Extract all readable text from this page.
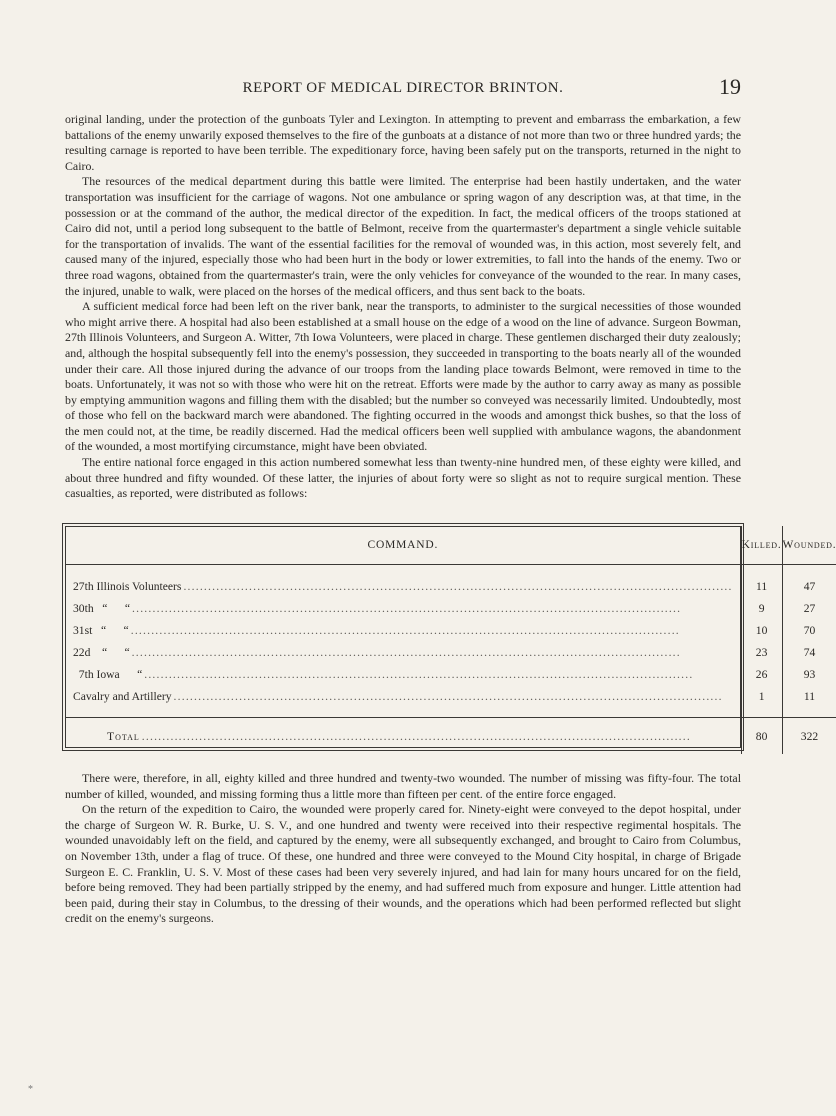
REPORT OF MEDICAL DIRECTOR BRINTON.	19

original landing, under the protection of the gunboats Tyler and Lexington. In attempting to prevent and embarrass the embarkation, a few battalions of the enemy unwarily exposed themselves to the fire of the gunboats at a distance of not more than two or three hundred yards; the resulting carnage is reported to have been terrible. The expeditionary force, having been safely put on the transports, returned in the night to Cairo.

The resources of the medical department during this battle were limited. The enterprise had been hastily undertaken, and the water transportation was insufficient for the carriage of wagons. Not one ambulance or spring wagon of any description was, at that time, in the possession or at the command of the author, the medical director of the expedition. In fact, the medical officers of the troops stationed at Cairo did not, until a period long subsequent to the battle of Belmont, receive from the quartermaster's department a single vehicle suitable for the transportation of invalids. The want of the essential facilities for the removal of wounded was, in this action, most severely felt, and caused many of the injured, especially those who had been hurt in the body or lower extremities, to fall into the hands of the enemy. Two or three road wagons, obtained from the quartermaster's train, were the only vehicles for conveyance of the wounded to the rear. In many cases, the injured, unable to walk, were placed on the horses of the medical officers, and thus sent back to the boats.

A sufficient medical force had been left on the river bank, near the transports, to administer to the surgical necessities of those wounded who might arrive there. A hospital had also been established at a small house on the edge of a wood on the line of advance. Surgeon Bowman, 27th Illinois Volunteers, and Surgeon A. Witter, 7th Iowa Volunteers, were placed in charge. These gentlemen discharged their duty zealously; and, although the hospital subsequently fell into the enemy's possession, they succeeded in transporting to the boats nearly all of the wounded under their care. All those injured during the advance of our troops from the landing place towards Belmont, were removed in time to the boats. Unfortunately, it was not so with those who were hit on the retreat. Efforts were made by the author to carry away as many as possible by emptying ammunition wagons and filling them with the disabled; but the number so conveyed was necessarily limited. Undoubtedly, most of those who fell on the backward march were abandoned. The fighting occurred in the woods and amongst thick bushes, so that the loss of the men could not, at the time, be readily discerned. Had the medical officers been well supplied with ambulance wagons, the abandonment of the wounded, a most mortifying circumstance, might have been obviated.

The entire national force engaged in this action numbered somewhat less than twenty-nine hundred men, of these eighty were killed, and about three hundred and fifty wounded. Of these latter, the injuries of about forty were so slight as not to require surgical mention. These casualties, as reported, were distributed as follows:

COMMAND.	Killed.	Wounded.

27th Illinois Volunteers ......................................................................................................................................	11	47

30th   “      “ ......................................................................................................................................	9	27

31st   “      “ ......................................................................................................................................	10	70

22d    “      “ ......................................................................................................................................	23	74

7th Iowa      “ ......................................................................................................................................	26	93

Cavalry and Artillery ......................................................................................................................................	1	11

Total ......................................................................................................................................	80	322

There were, therefore, in all, eighty killed and three hundred and twenty-two wounded. The number of missing was fifty-four. The total number of killed, wounded, and missing forming thus a little more than fifteen per cent. of the entire force engaged.

On the return of the expedition to Cairo, the wounded were properly cared for. Ninety-eight were conveyed to the depot hospital, under the charge of Surgeon W. R. Burke, U. S. V., and one hundred and twenty were received into their respective regimental hospitals. The wounded unavoidably left on the field, and captured by the enemy, were all subsequently exchanged, and brought to Cairo from Columbus, on November 13th, under a flag of truce. Of these, one hundred and three were conveyed to the Mound City hospital, in charge of Brigade Surgeon E. C. Franklin, U. S. V. Most of these cases had been very severely injured, and had lain for many hours uncared for on the field, before being removed. They had been partially stripped by the enemy, and had suffered much from exposure and hunger. Little attention had been paid, during their stay in Columbus, to the dressing of their wounds, and the operations which had been performed reflected but slight credit on the enemy's surgeons.

*
